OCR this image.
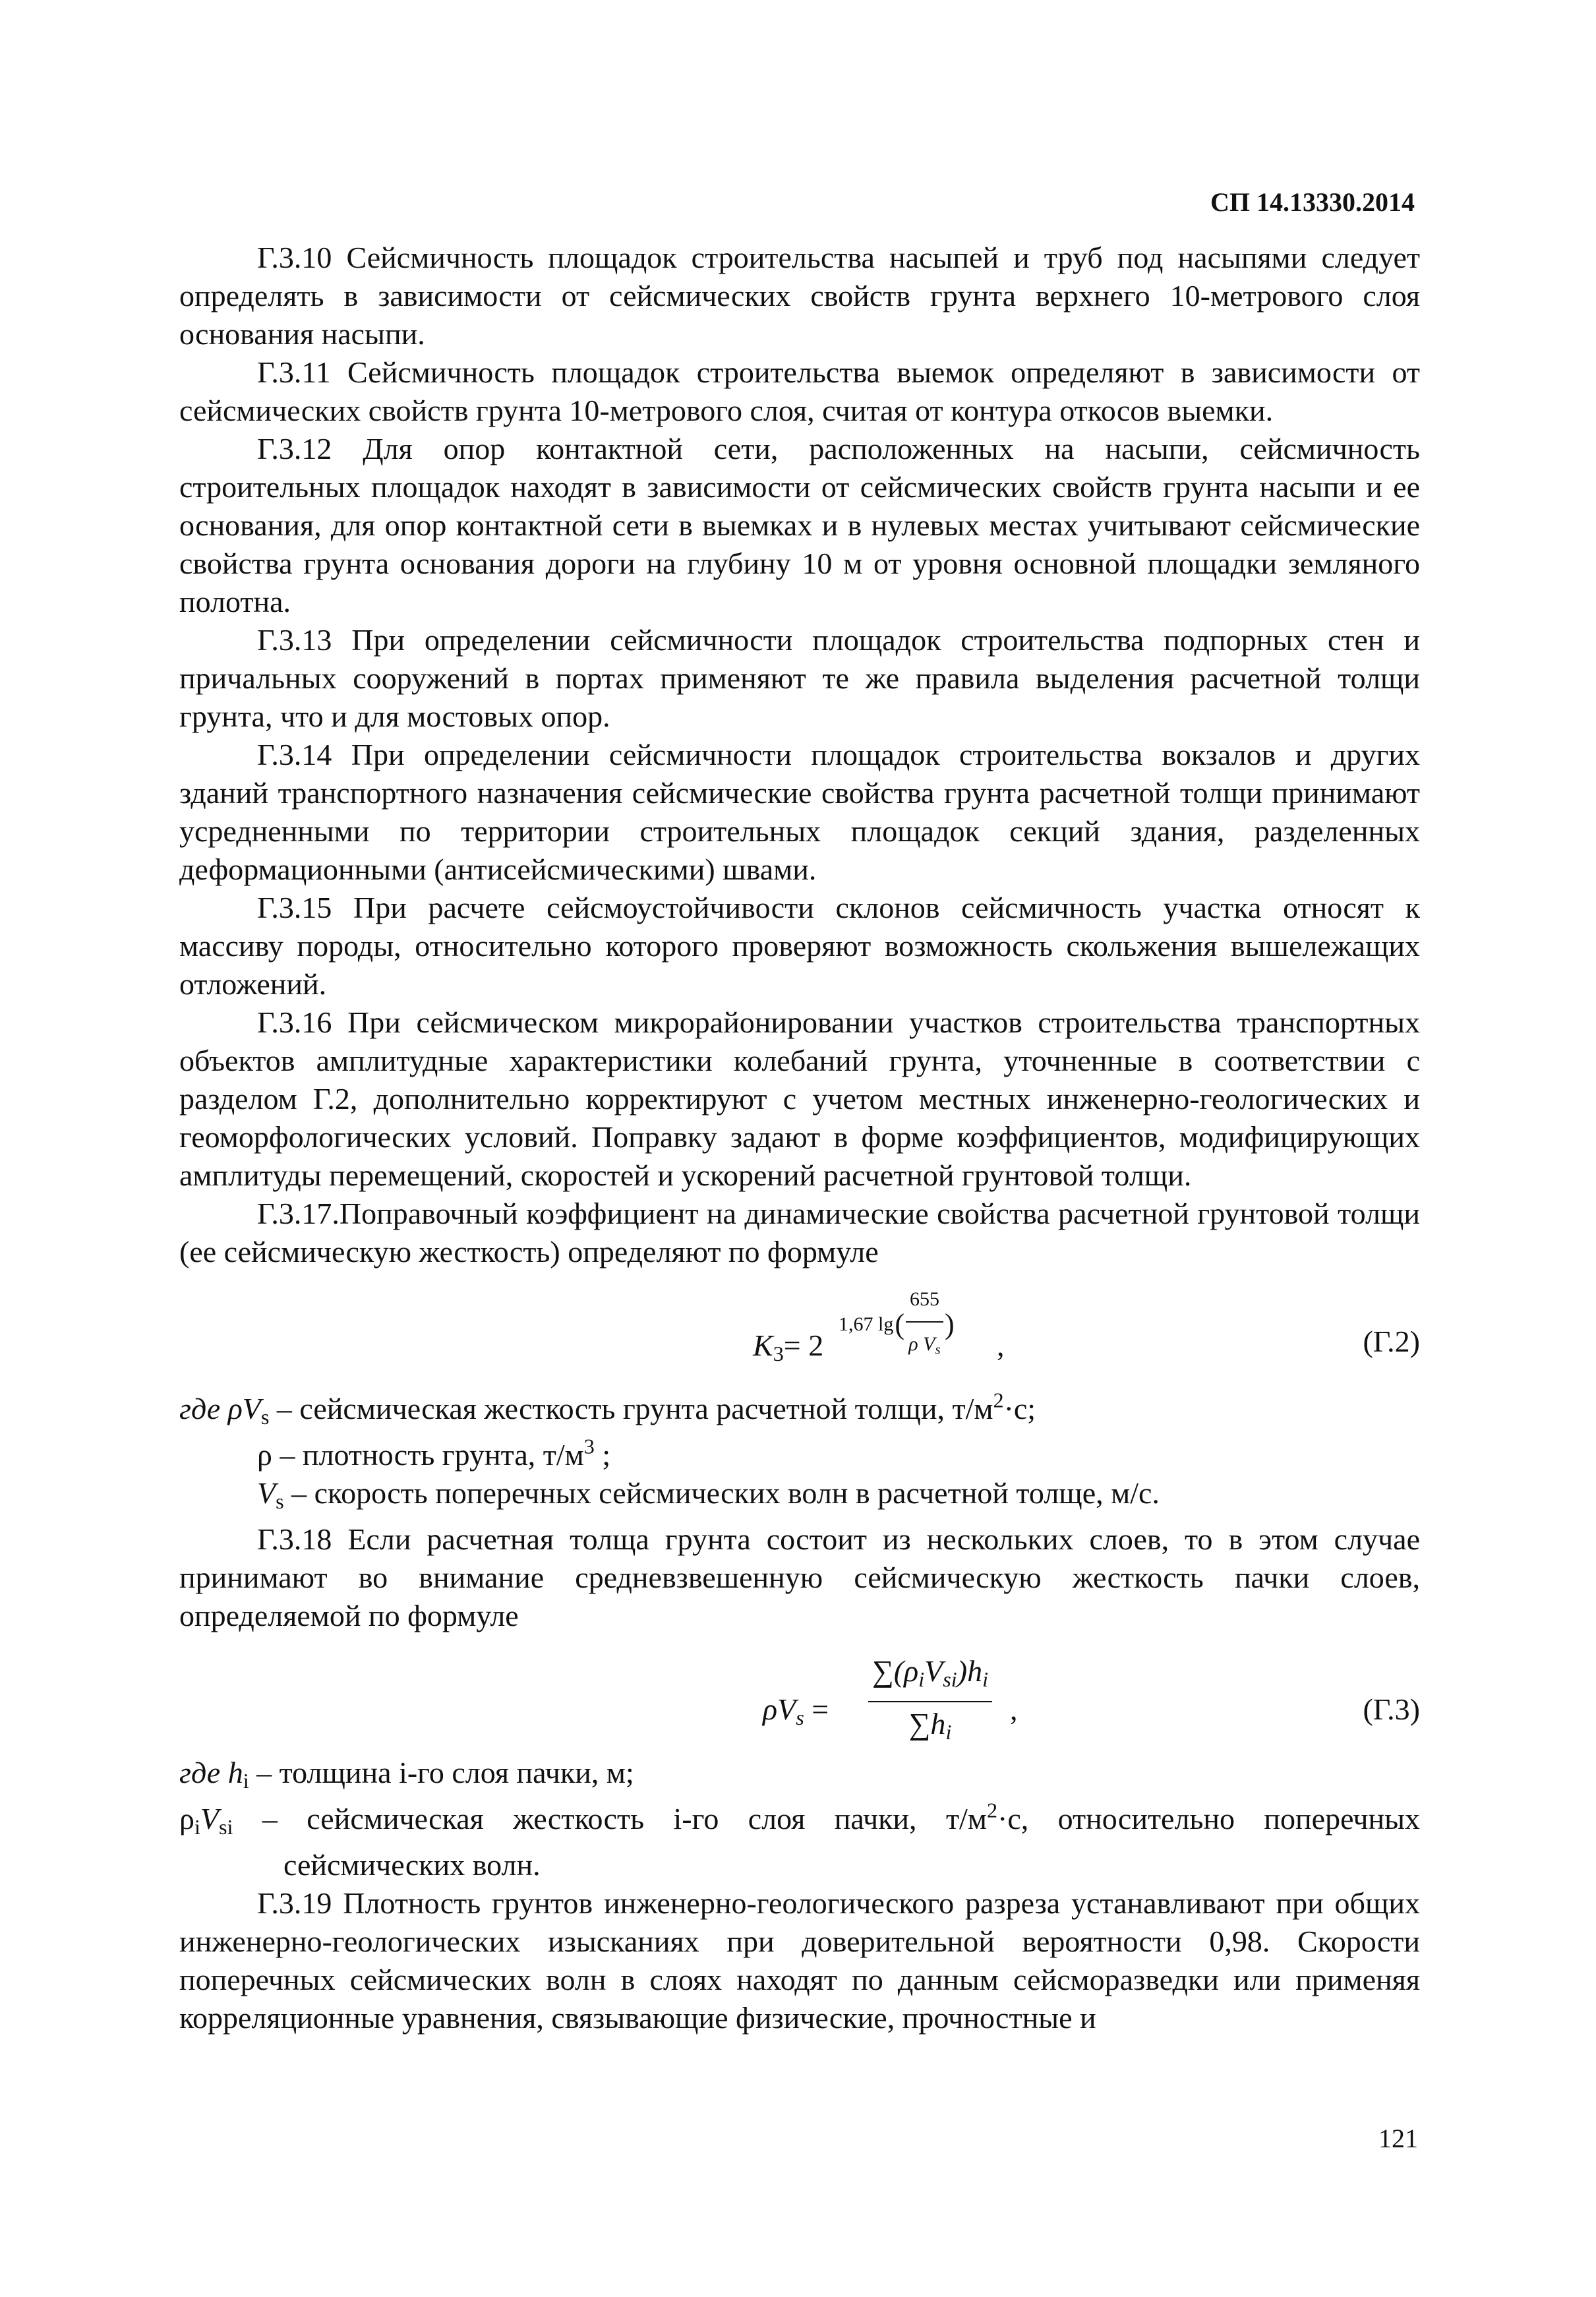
СП 14.13330.2014

Г.3.10 Сейсмичность площадок строительства насыпей и труб под насыпями следует определять в зависимости от сейсмических свойств грунта верхнего 10-метрового слоя основания насыпи.

Г.3.11 Сейсмичность площадок строительства выемок определяют в зависимости от сейсмических свойств грунта 10-метрового слоя, считая от контура откосов выемки.

Г.3.12 Для опор контактной сети, расположенных на насыпи, сейсмичность строительных площадок находят в зависимости от сейсмических свойств грунта насыпи и ее основания, для опор контактной сети в выемках и в нулевых местах учитывают сейсмические свойства грунта основания дороги на глубину 10 м от уровня основной площадки земляного полотна.

Г.3.13 При определении сейсмичности площадок строительства подпорных стен и причальных сооружений в портах применяют те же правила выделения расчетной толщи грунта, что и для мостовых опор.

Г.3.14 При определении сейсмичности площадок строительства вокзалов и других зданий транспортного назначения сейсмические свойства грунта расчетной толщи принимают усредненными по территории строительных площадок секций здания, разделенных деформационными (антисейсмическими) швами.

Г.3.15 При расчете сейсмоустойчивости склонов сейсмичность участка относят к массиву породы, относительно которого проверяют возможность скольжения вышележащих отложений.

Г.3.16 При сейсмическом микрорайонировании участков строительства транспортных объектов амплитудные характеристики колебаний грунта, уточненные в соответствии с разделом Г.2, дополнительно корректируют с учетом местных инженерно-геологических и геоморфологических условий. Поправку задают в форме коэффициентов, модифицирующих амплитуды перемещений, скоростей и ускорений расчетной грунтовой толщи.

Г.3.17.Поправочный коэффициент на динамические свойства расчетной грунтовой толщи (ее сейсмическую жесткость) определяют по формуле

$K_3= 2$
1,67 lg ( $\frac{655}{\rho V_s}$ )
,	(Г.2)
где $\rho V_s$ – сейсмическая жесткость грунта расчетной толщи, $т/м^2\cdot с$;
ρ – плотность грунта, $т/м^3$ ;
$V_s$ – скорость поперечных сейсмических волн в расчетной толще, м/с.

Г.3.18 Если расчетная толща грунта состоит из нескольких слоев, то в этом случае принимают во внимание средневзвешенную сейсмическую жесткость пачки слоев, определяемой по формуле

$\rho V_s$ =
$\sum(\rho_iV_{si})h_i$
$\sum h_i$
,	(Г.3)
где $h_i$ – толщина i-го слоя пачки, м;
$\rho_iV_{si}$ – сейсмическая жесткость i-го слоя пачки, $т/м^2\cdot с$, относительно поперечных
сейсмических волн.

Г.3.19 Плотность грунтов инженерно-геологического разреза устанавливают при общих инженерно-геологических изысканиях при доверительной вероятности 0,98. Скорости поперечных сейсмических волн в слоях находят по данным сейсморазведки или применяя корреляционные уравнения, связывающие физические, прочностные и

121
